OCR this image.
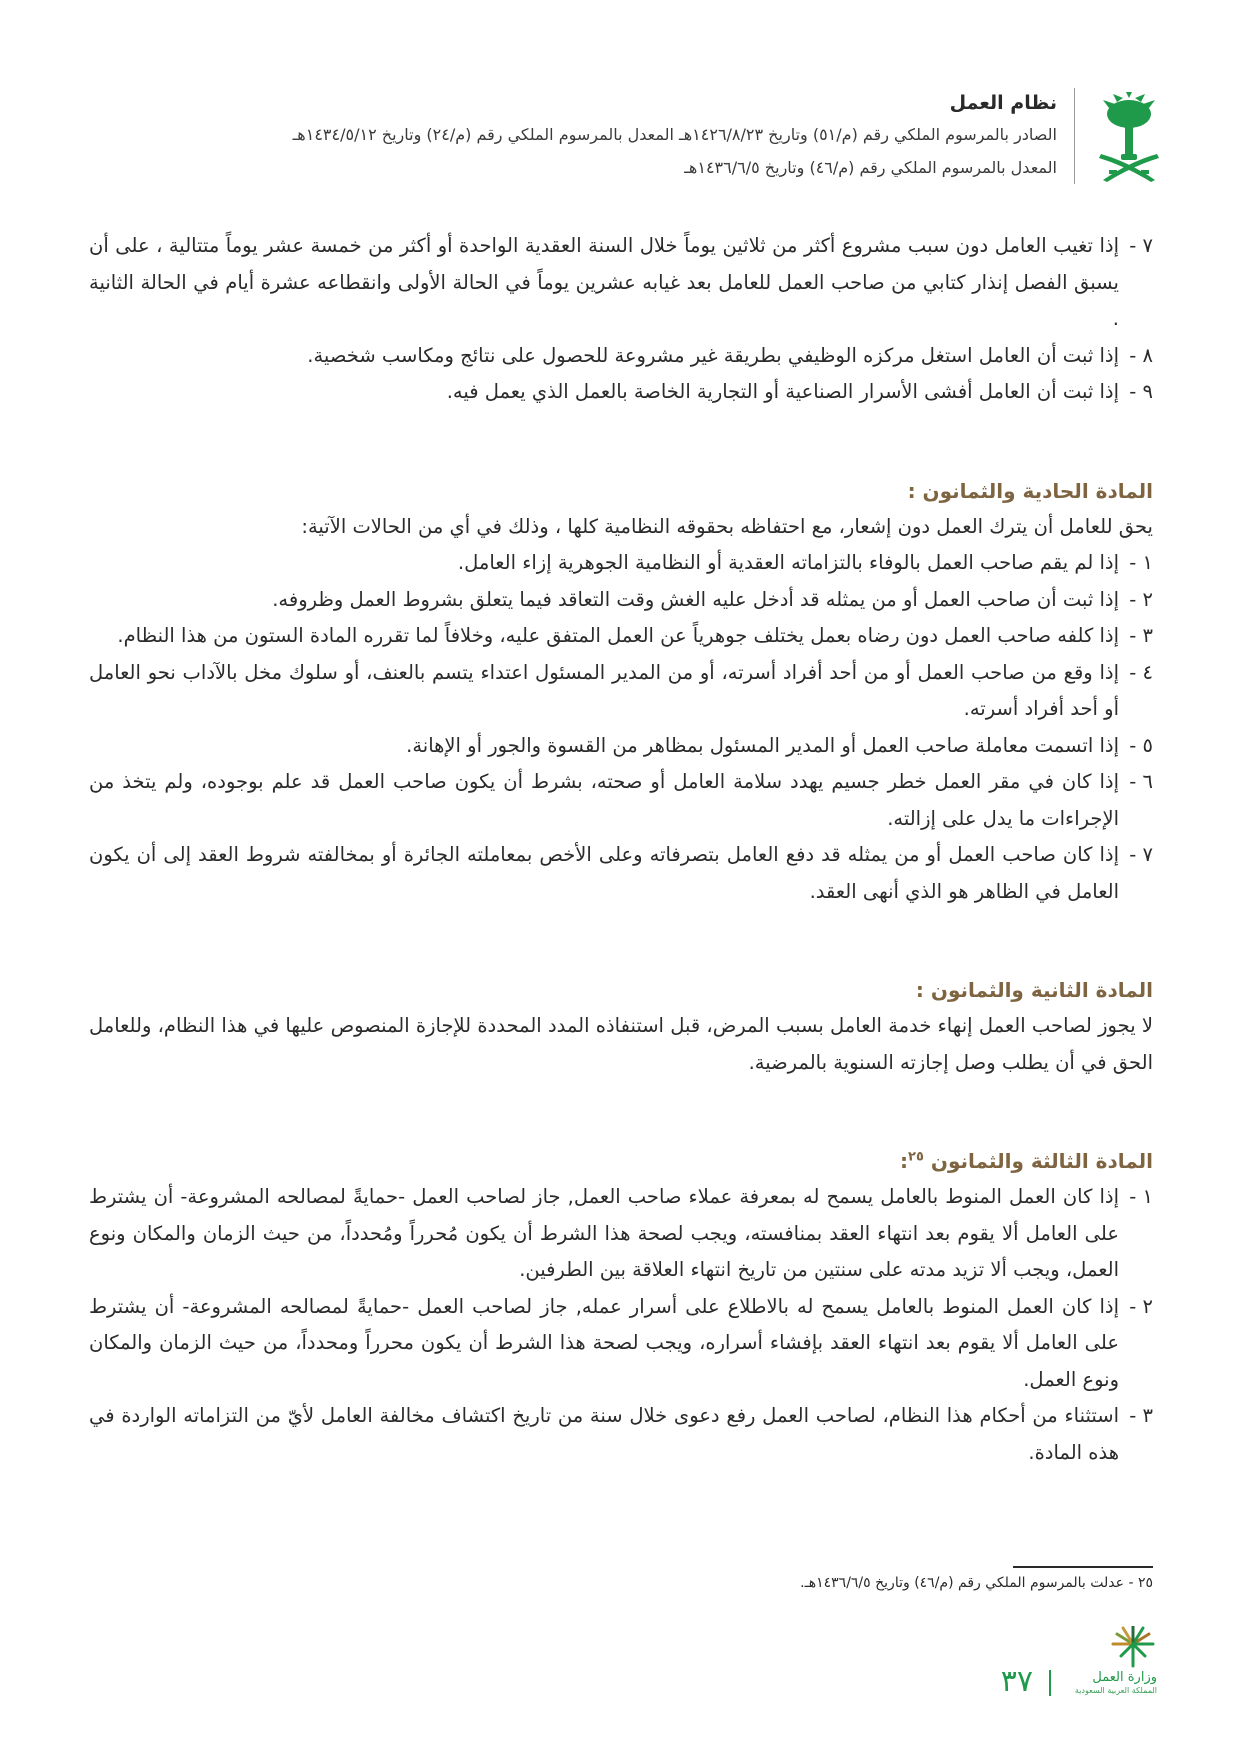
نظام العمل
الصادر بالمرسوم الملكي رقم (م/٥١) وتاريخ ١٤٢٦/٨/٢٣هـ المعدل بالمرسوم الملكي رقم (م/٢٤) وتاريخ ١٤٣٤/٥/١٢هـ
المعدل بالمرسوم الملكي رقم (م/٤٦) وتاريخ ١٤٣٦/٦/٥هـ
٧ -
إذا تغيب العامل دون سبب مشروع أكثر من ثلاثين يوماً خلال السنة العقدية الواحدة أو أكثر من خمسة عشر يوماً متتالية ، على أن يسبق الفصل إنذار كتابي من صاحب العمل للعامل بعد غيابه عشرين يوماً في الحالة الأولى وانقطاعه عشرة أيام في الحالة الثانية .
٨ -
إذا ثبت أن العامل استغل مركزه الوظيفي بطريقة غير مشروعة للحصول على نتائج ومكاسب شخصية.
٩ -
إذا ثبت أن العامل أفشى الأسرار الصناعية أو التجارية الخاصة بالعمل الذي يعمل فيه.
المادة الحادية والثمانون :
يحق للعامل أن يترك العمل دون إشعار، مع احتفاظه بحقوقه النظامية كلها ، وذلك في أي من الحالات الآتية:
١ -
إذا لم يقم صاحب العمل بالوفاء بالتزاماته العقدية أو النظامية الجوهرية إزاء العامل.
٢ -
إذا ثبت أن صاحب العمل أو من يمثله قد أدخل عليه الغش وقت التعاقد فيما يتعلق بشروط العمل وظروفه.
٣ -
إذا كلفه صاحب العمل دون رضاه بعمل يختلف جوهرياً عن العمل المتفق عليه، وخلافاً لما تقرره المادة الستون من هذا النظام.
٤ -
إذا وقع من صاحب العمل أو من أحد أفراد أسرته، أو من المدير المسئول اعتداء يتسم بالعنف، أو سلوك مخل بالآداب نحو العامل أو أحد أفراد أسرته.
٥ -
إذا اتسمت معاملة صاحب العمل أو المدير المسئول بمظاهر من القسوة والجور أو الإهانة.
٦ -
إذا كان في مقر العمل خطر جسيم يهدد سلامة العامل أو صحته، بشرط أن يكون صاحب العمل قد علم بوجوده، ولم يتخذ من الإجراءات ما يدل على إزالته.
٧ -
إذا كان صاحب العمل أو من يمثله قد دفع العامل بتصرفاته وعلى الأخص بمعاملته الجائرة أو بمخالفته شروط العقد إلى أن يكون العامل في الظاهر هو الذي أنهى العقد.
المادة الثانية والثمانون :
لا يجوز لصاحب العمل إنهاء خدمة العامل بسبب المرض، قبل استنفاذه المدد المحددة للإجازة المنصوص عليها في هذا النظام، وللعامل الحق في أن يطلب وصل إجازته السنوية بالمرضية.
المادة الثالثة والثمانون $^{٢٥}$:
١ -
إذا كان العمل المنوط بالعامل يسمح له بمعرفة عملاء صاحب العمل, جاز لصاحب العمل -حمايةً لمصالحه المشروعة- أن يشترط على العامل ألا يقوم بعد انتهاء العقد بمنافسته، ويجب لصحة هذا الشرط أن يكون مُحرراً ومُحدداً، من حيث الزمان والمكان ونوع العمل، ويجب ألا تزيد مدته على سنتين من تاريخ انتهاء العلاقة بين الطرفين.
٢ -
إذا كان العمل المنوط بالعامل يسمح له بالاطلاع على أسرار عمله, جاز لصاحب العمل -حمايةً لمصالحه المشروعة- أن يشترط على العامل ألا يقوم بعد انتهاء العقد بإفشاء أسراره، ويجب لصحة هذا الشرط أن يكون محرراً ومحدداً، من حيث الزمان والمكان ونوع العمل.
٣ -
استثناء من أحكام هذا النظام، لصاحب العمل رفع دعوى خلال سنة من تاريخ اكتشاف مخالفة العامل لأيّ من التزاماته الواردة في هذه المادة.
٢٥ - عدلت بالمرسوم الملكي رقم (م/٤٦) وتاريخ ١٤٣٦/٦/٥هـ.
وزارة العمل
المملكة العربية السعودية
٣٧
